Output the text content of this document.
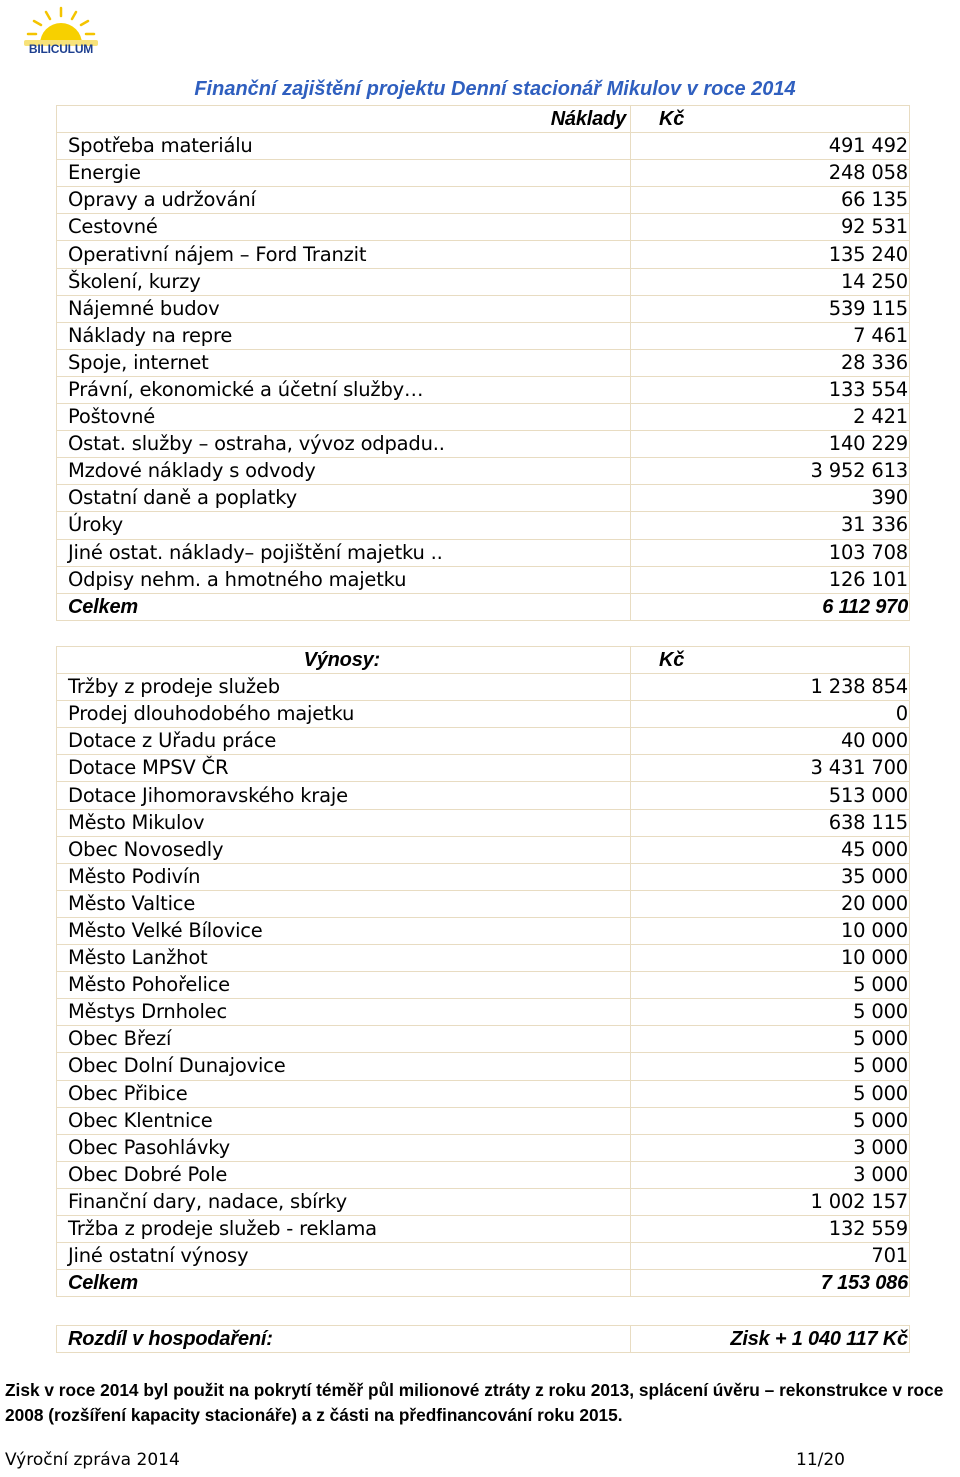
BILICULUM
Finanční zajištění projektu Denní stacionář Mikulov v roce 2014
Náklady	Kč
Spotřeba materiálu	491 492
Energie	248 058
Opravy a udržování	66 135
Cestovné	92 531
Operativní nájem – Ford Tranzit	135 240
Školení, kurzy	14 250
Nájemné budov	539 115
Náklady na repre	7 461
Spoje, internet	28 336
Právní, ekonomické a účetní služby…	133 554
Poštovné	2 421
Ostat. služby – ostraha, vývoz odpadu..	140 229
Mzdové náklady s odvody	3 952 613
Ostatní daně a poplatky	390
Úroky	31 336
Jiné ostat. náklady– pojištění majetku ..	103 708
Odpisy nehm. a hmotného majetku	126 101
Celkem	6 112 970
Výnosy:	Kč
Tržby z prodeje služeb	1 238 854
Prodej dlouhodobého majetku	0
Dotace z Uřadu práce	40 000
Dotace MPSV ČR	3 431 700
Dotace Jihomoravského kraje	513 000
Město Mikulov	638 115
Obec Novosedly	45 000
Město Podivín	35 000
Město Valtice	20 000
Město Velké Bílovice	10 000
Město Lanžhot	10 000
Město Pohořelice	5 000
Městys Drnholec	5 000
Obec Březí	5 000
Obec Dolní Dunajovice	5 000
Obec Přibice	5 000
Obec Klentnice	5 000
Obec Pasohlávky	3 000
Obec Dobré Pole	3 000
Finanční dary, nadace, sbírky	1 002 157
Tržba z prodeje služeb - reklama	132 559
Jiné ostatní výnosy	701
Celkem	7 153 086
Rozdíl v hospodaření:	Zisk + 1 040 117 Kč
Zisk v roce 2014 byl použit na pokrytí téměř půl milionové ztráty z roku 2013, splácení úvěru – rekonstrukce v roce 2008 (rozšíření kapacity stacionáře) a z části na předfinancování roku 2015.
Výroční zpráva 2014	11/20
